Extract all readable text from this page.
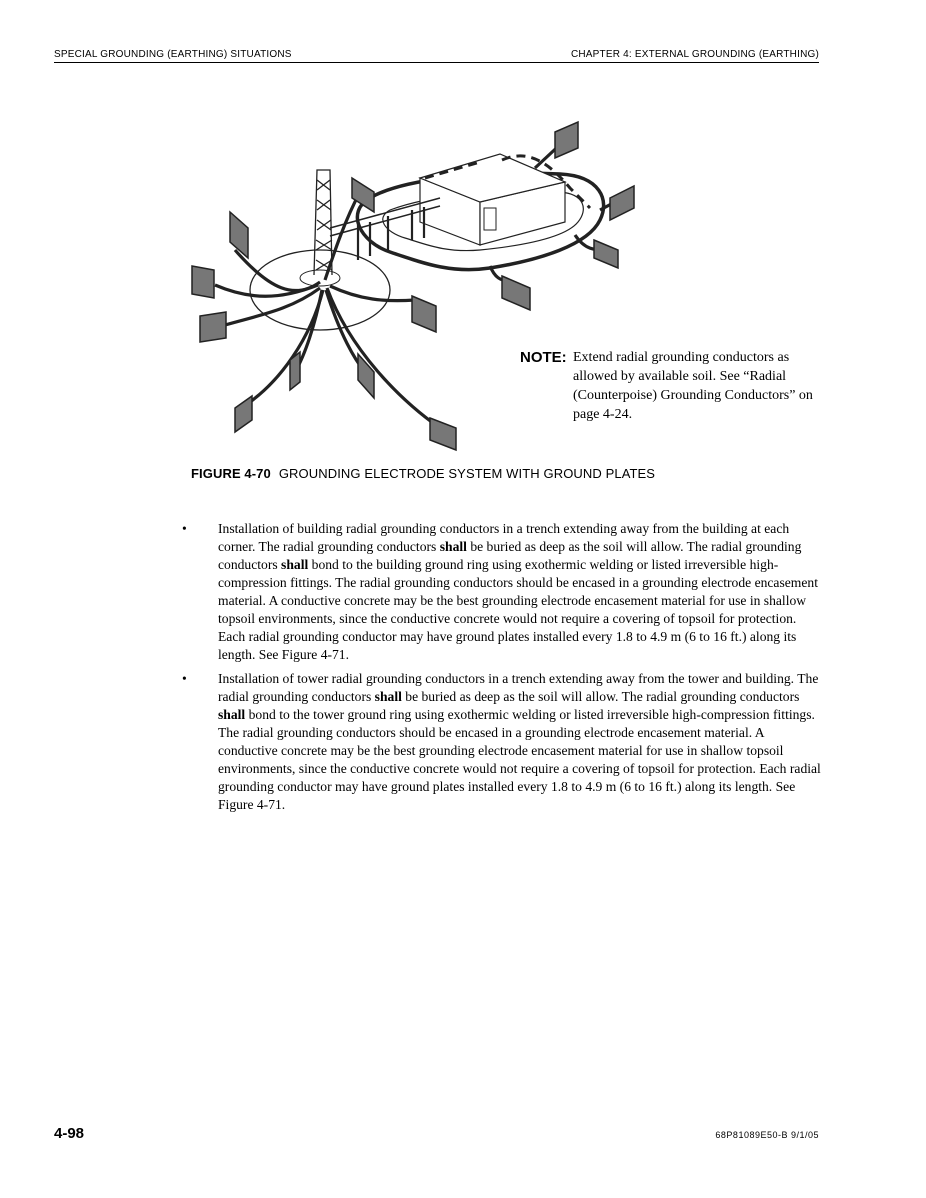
SPECIAL GROUNDING (EARTHING) SITUATIONS	CHAPTER 4: EXTERNAL GROUNDING (EARTHING)
NOTE: Extend radial grounding conductors as allowed by available soil. See “Radial (Counterpoise) Grounding Conductors” on page 4-24.
FIGURE 4-70 GROUNDING ELECTRODE SYSTEM WITH GROUND PLATES
• Installation of building radial grounding conductors in a trench extending away from the building at each corner. The radial grounding conductors shall be buried as deep as the soil will allow. The radial grounding conductors shall bond to the building ground ring using exothermic welding or listed irreversible high-compression fittings. The radial grounding conductors should be encased in a grounding electrode encasement material. A conductive concrete may be the best grounding electrode encasement material for use in shallow topsoil environments, since the conductive concrete would not require a covering of topsoil for protection. Each radial grounding conductor may have ground plates installed every 1.8 to 4.9 m (6 to 16 ft.) along its length. See Figure 4-71.
• Installation of tower radial grounding conductors in a trench extending away from the tower and building. The radial grounding conductors shall be buried as deep as the soil will allow. The radial grounding conductors shall bond to the tower ground ring using exothermic welding or listed irreversible high-compression fittings. The radial grounding conductors should be encased in a grounding electrode encasement material. A conductive concrete may be the best grounding electrode encasement material for use in shallow topsoil environments, since the conductive concrete would not require a covering of topsoil for protection. Each radial grounding conductor may have ground plates installed every 1.8 to 4.9 m (6 to 16 ft.) along its length. See Figure 4-71.
4-98	68P81089E50-B 9/1/05
